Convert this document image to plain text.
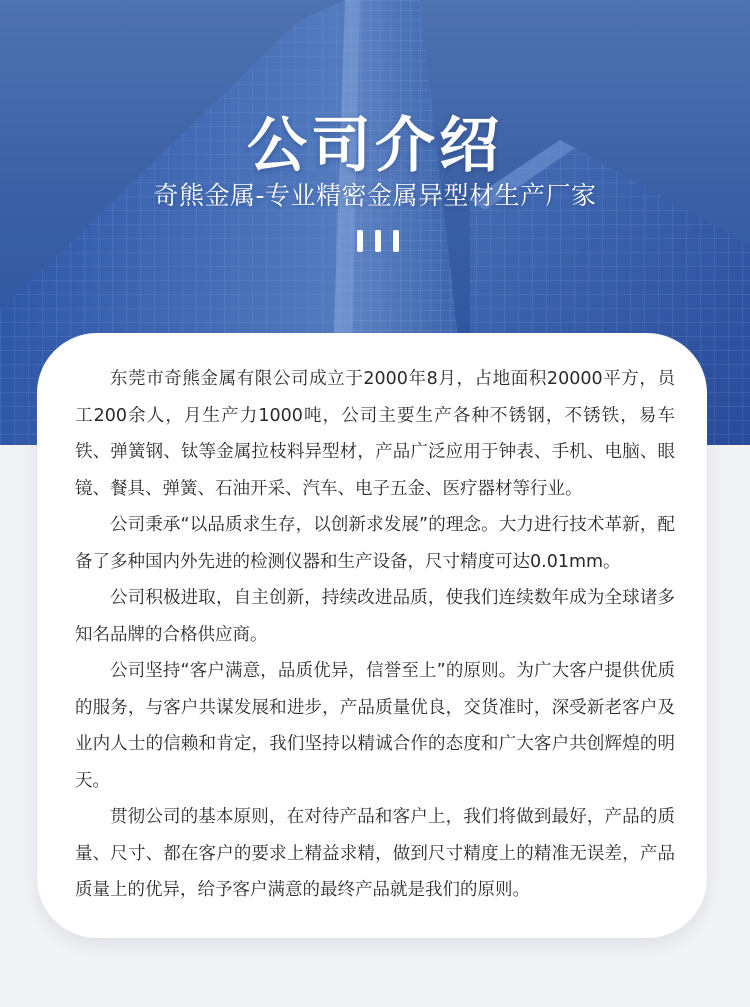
公司介绍
奇熊金属-专业精密金属异型材生产厂家

东莞市奇熊金属有限公司成立于2000年8月，占地面积20000平方，员工200余人，月生产力1000吨，公司主要生产各种不锈钢，不锈铁，易车铁、弹簧钢、钛等金属拉枝料异型材，产品广泛应用于钟表、手机、电脑、眼镜、餐具、弹簧、石油开采、汽车、电子五金、医疗器材等行业。

公司秉承“以品质求生存，以创新求发展”的理念。大力进行技术革新，配备了多种国内外先进的检测仪器和生产设备，尺寸精度可达0.01mm。

公司积极进取，自主创新，持续改进品质，使我们连续数年成为全球诸多知名品牌的合格供应商。

公司坚持“客户满意，品质优异，信誉至上”的原则。为广大客户提供优质的服务，与客户共谋发展和进步，产品质量优良，交货准时，深受新老客户及业内人士的信赖和肯定，我们坚持以精诚合作的态度和广大客户共创辉煌的明天。

贯彻公司的基本原则，在对待产品和客户上，我们将做到最好，产品的质量、尺寸、都在客户的要求上精益求精，做到尺寸精度上的精准无误差，产品质量上的优异，给予客户满意的最终产品就是我们的原则。
